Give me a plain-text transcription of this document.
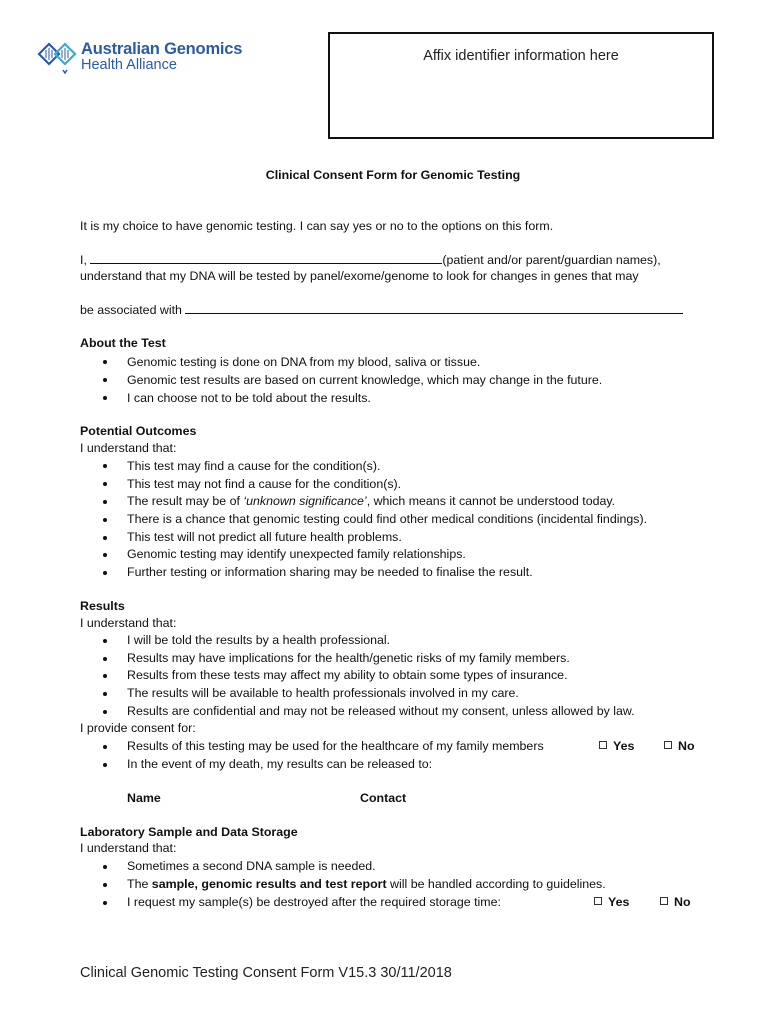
Australian Genomics
Health Alliance
Affix identifier information here
Clinical Consent Form for Genomic Testing
It is my choice to have genomic testing. I can say yes or no to the options on this form.
I,	(patient and/or parent/guardian names),
understand that my DNA will be tested by panel/exome/genome to look for changes in genes that may
be associated with
About the Test
Genomic testing is done on DNA from my blood, saliva or tissue.
Genomic test results are based on current knowledge, which may change in the future.
I can choose not to be told about the results.
Potential Outcomes
I understand that:
This test may find a cause for the condition(s).
This test may not find a cause for the condition(s).
The result may be of ‘unknown significance’, which means it cannot be understood today.
There is a chance that genomic testing could find other medical conditions (incidental findings).
This test will not predict all future health problems.
Genomic testing may identify unexpected family relationships.
Further testing or information sharing may be needed to finalise the result.
Results
I understand that:
I will be told the results by a health professional.
Results may have implications for the health/genetic risks of my family members.
Results from these tests may affect my ability to obtain some types of insurance.
The results will be available to health professionals involved in my care.
Results are confidential and may not be released without my consent, unless allowed by law.
I provide consent for:
Results of this testing may be used for the healthcare of my family members	Yes	No
In the event of my death, my results can be released to:
Name	Contact
Laboratory Sample and Data Storage
I understand that:
Sometimes a second DNA sample is needed.
The sample, genomic results and test report will be handled according to guidelines.
I request my sample(s) be destroyed after the required storage time:	Yes	No
Clinical Genomic Testing Consent Form V15.3 30/11/2018
